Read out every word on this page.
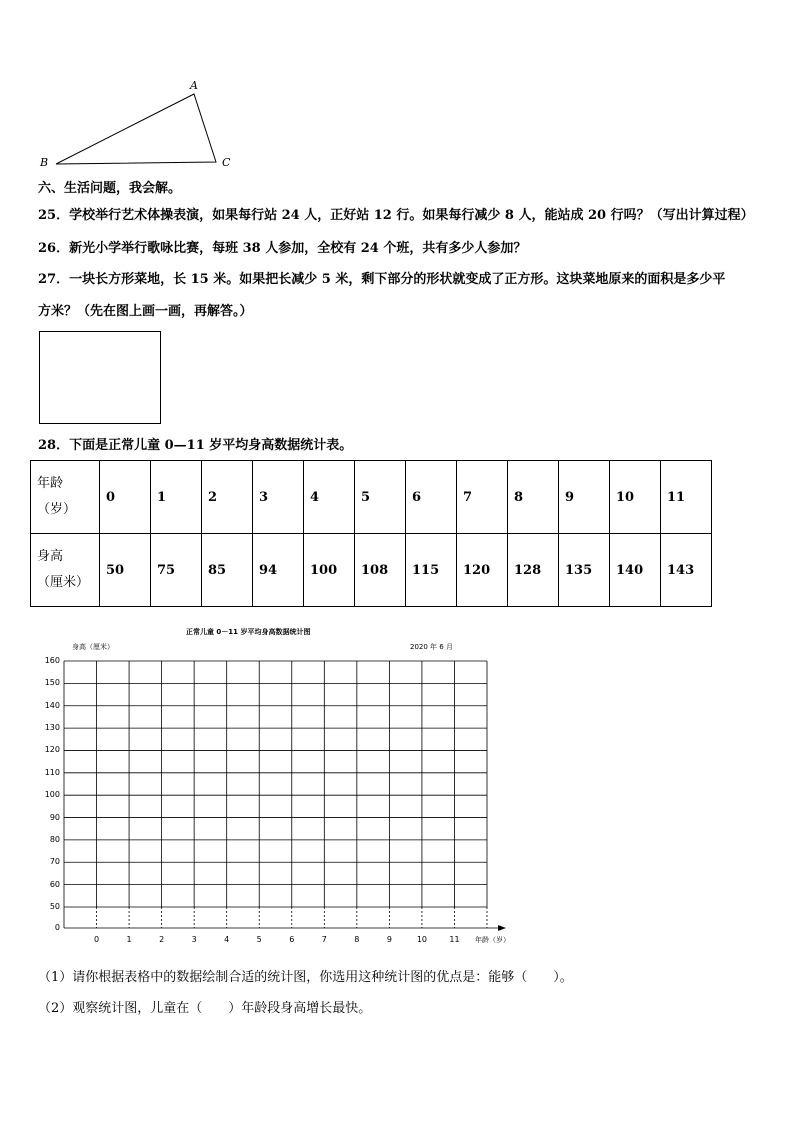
A
B	C
六、生活问题，我会解。
25．学校举行艺术体操表演，如果每行站 24 人，正好站 12 行。如果每行减少 8 人，能站成 20 行吗？（写出计算过程）
26．新光小学举行歌咏比赛，每班 38 人参加，全校有 24 个班，共有多少人参加？
27．一块长方形菜地，长 15 米。如果把长减少 5 米，剩下部分的形状就变成了正方形。这块菜地原来的面积是多少平
方米？（先在图上画一画，再解答。）
28．下面是正常儿童 0—11 岁平均身高数据统计表。
年龄
（岁）	0	1	2	3	4	5	6	7	8	9	10	11

身高
（厘米）	50	75	85	94	100	108	115	120	128	135	140	143
正常儿童 0－11 岁平均身高数据统计图
2020 年 6 月
身高（厘米）
年龄（岁）
0
50
60
70
80
90
100
110
120
130
140
150
160
0	1	2	3	4	5	6	7	8	9	10	11
（1）请你根据表格中的数据绘制合适的统计图，你选用这种统计图的优点是：能够（　　）。
（2）观察统计图，儿童在（　　）年龄段身高增长最快。
